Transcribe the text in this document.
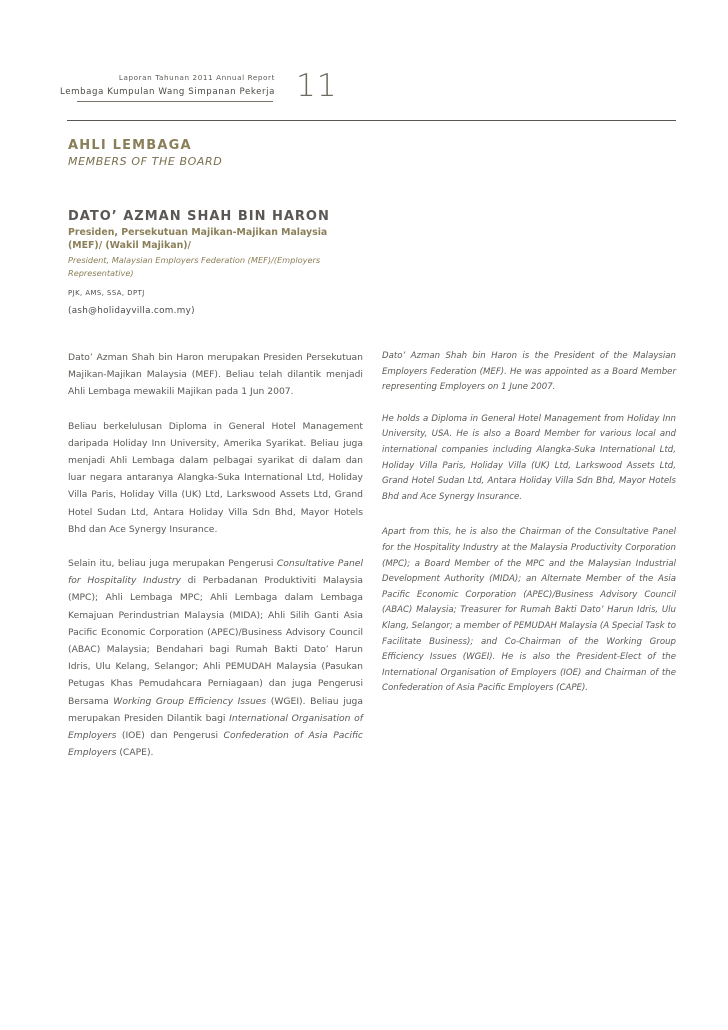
Laporan Tahunan 2011 Annual Report
Lembaga Kumpulan Wang Simpanan Pekerja 11
AHLI LEMBAGA
MEMBERS OF THE BOARD
DATO’ AZMAN SHAH BIN HARON
Presiden, Persekutuan Majikan-Majikan Malaysia (MEF)/ (Wakil Majikan)/
President, Malaysian Employers Federation (MEF)/(Employers Representative)
PJK, AMS, SSA, DPTJ
(ash@holidayvilla.com.my)

Dato’ Azman Shah bin Haron merupakan Presiden Persekutuan Majikan-Majikan Malaysia (MEF). Beliau telah dilantik menjadi Ahli Lembaga mewakili Majikan pada 1 Jun 2007.

Beliau berkelulusan Diploma in General Hotel Management daripada Holiday Inn University, Amerika Syarikat. Beliau juga menjadi Ahli Lembaga dalam pelbagai syarikat di dalam dan luar negara antaranya Alangka-Suka International Ltd, Holiday Villa Paris, Holiday Villa (UK) Ltd, Larkswood Assets Ltd, Grand Hotel Sudan Ltd, Antara Holiday Villa Sdn Bhd, Mayor Hotels Bhd dan Ace Synergy Insurance.

Selain itu, beliau juga merupakan Pengerusi Consultative Panel for Hospitality Industry di Perbadanan Produktiviti Malaysia (MPC); Ahli Lembaga MPC; Ahli Lembaga dalam Lembaga Kemajuan Perindustrian Malaysia (MIDA); Ahli Silih Ganti Asia Pacific Economic Corporation (APEC)/Business Advisory Council (ABAC) Malaysia; Bendahari bagi Rumah Bakti Dato’ Harun Idris, Ulu Kelang, Selangor; Ahli PEMUDAH Malaysia (Pasukan Petugas Khas Pemudahcara Perniagaan) dan juga Pengerusi Bersama Working Group Efficiency Issues (WGEI). Beliau juga merupakan Presiden Dilantik bagi International Organisation of Employers (IOE) dan Pengerusi Confederation of Asia Pacific Employers (CAPE).

Dato’ Azman Shah bin Haron is the President of the Malaysian Employers Federation (MEF). He was appointed as a Board Member representing Employers on 1 June 2007.

He holds a Diploma in General Hotel Management from Holiday Inn University, USA. He is also a Board Member for various local and international companies including Alangka-Suka International Ltd, Holiday Villa Paris, Holiday Villa (UK) Ltd, Larkswood Assets Ltd, Grand Hotel Sudan Ltd, Antara Holiday Villa Sdn Bhd, Mayor Hotels Bhd and Ace Synergy Insurance.

Apart from this, he is also the Chairman of the Consultative Panel for the Hospitality Industry at the Malaysia Productivity Corporation (MPC); a Board Member of the MPC and the Malaysian Industrial Development Authority (MIDA); an Alternate Member of the Asia Pacific Economic Corporation (APEC)/Business Advisory Council (ABAC) Malaysia; Treasurer for Rumah Bakti Dato’ Harun Idris, Ulu Klang, Selangor; a member of PEMUDAH Malaysia (A Special Task to Facilitate Business); and Co-Chairman of the Working Group Efficiency Issues (WGEI). He is also the President-Elect of the International Organisation of Employers (IOE) and Chairman of the Confederation of Asia Pacific Employers (CAPE).
